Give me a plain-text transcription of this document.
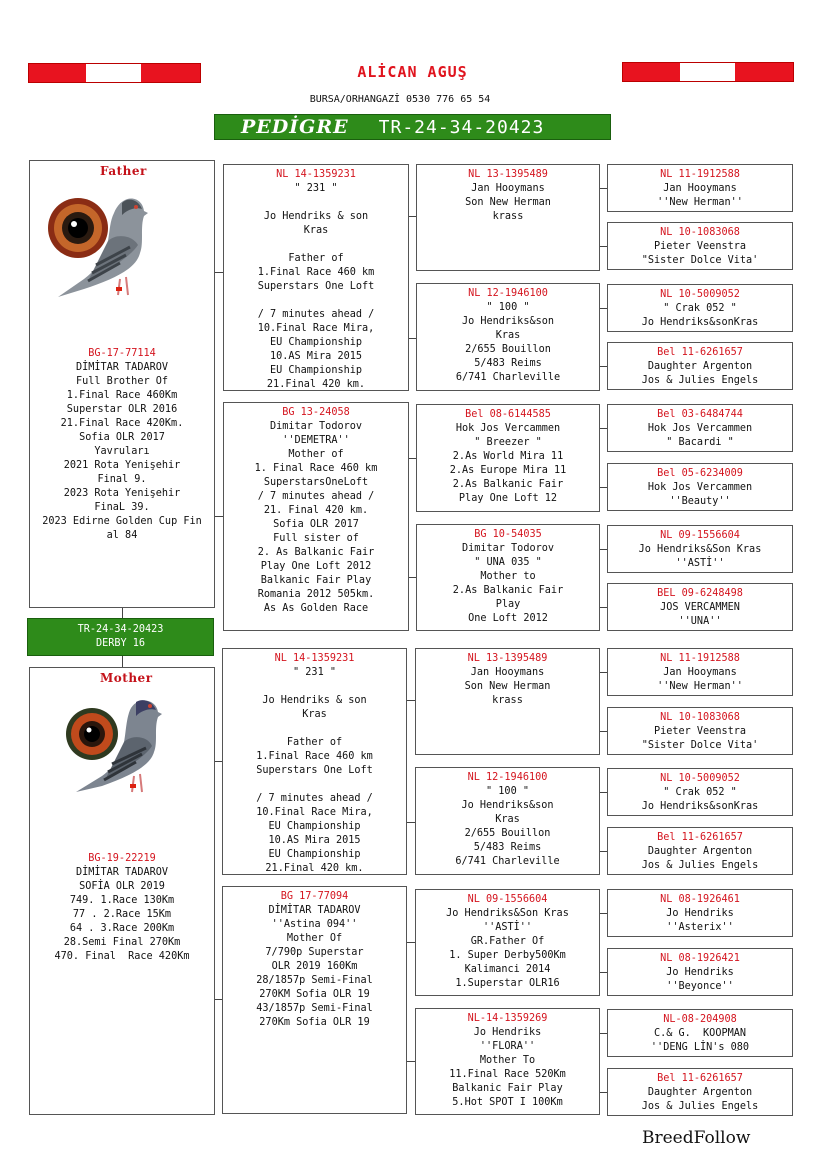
ALİCAN AGUŞ
BURSA/ORHANGAZİ 0530 776 65 54
PEDİGRE TR-24-34-20423
Father

BG-17-77114
DİMİTAR TADAROV
Full Brother Of
1.Final Race 460Km
Superstar OLR 2016
21.Final Race 420Km.
Sofia OLR 2017
Yavruları
2021 Rota Yenişehir
Final 9.
2023 Rota Yenişehir
FinaL 39.
2023 Edirne Golden Cup Fin
al 84

TR-24-34-20423
DERBY 16
Mother

BG-19-22219
DİMİTAR TADAROV
SOFİA OLR 2019
749. 1.Race 130Km
77 . 2.Race 15Km
64 . 3.Race 200Km
28.Semi Final 270Km
470. Final  Race 420Km

NL 14-1359231
" 231 "

Jo Hendriks & son
Kras

Father of
1.Final Race 460 km
Superstars One Loft

/ 7 minutes ahead /
10.Final Race Mira,
EU Championship
10.AS Mira 2015
EU Championship
21.Final 420 km.
BG 13-24058
Dimitar Todorov
''DEMETRA''
Mother of
1. Final Race 460 km
SuperstarsOneLoft
/ 7 minutes ahead /
21. Final 420 km.
Sofia OLR 2017
Full sister of
2. As Balkanic Fair
Play One Loft 2012
Balkanic Fair Play
Romania 2012 505km.
As As Golden Race
NL 14-1359231
" 231 "

Jo Hendriks & son
Kras

Father of
1.Final Race 460 km
Superstars One Loft

/ 7 minutes ahead /
10.Final Race Mira,
EU Championship
10.AS Mira 2015
EU Championship
21.Final 420 km.
BG 17-77094
DİMİTAR TADAROV
''Astina 094''
Mother Of
7/790p Superstar
OLR 2019 160Km
28/1857p Semi-Final
270KM Sofia OLR 19
43/1857p Semi-Final
270Km Sofia OLR 19
NL 13-1395489
Jan Hooymans
Son New Herman
krass
NL 12-1946100
" 100 "
Jo Hendriks&son
Kras
2/655 Bouillon
5/483 Reims
6/741 Charleville
Bel 08-6144585
Hok Jos Vercammen
" Breezer "
2.As World Mira 11
2.As Europe Mira 11
2.As Balkanic Fair
Play One Loft 12
BG 10-54035
Dimitar Todorov
" UNA 035 "
Mother to
2.As Balkanic Fair
Play
One Loft 2012
NL 13-1395489
Jan Hooymans
Son New Herman
krass
NL 12-1946100
" 100 "
Jo Hendriks&son
Kras
2/655 Bouillon
5/483 Reims
6/741 Charleville
NL 09-1556604
Jo Hendriks&Son Kras
''ASTİ''
GR.Father Of
1. Super Derby500Km
Kalimanci 2014
1.Superstar OLR16
NL-14-1359269
Jo Hendriks
''FLORA''
Mother To
11.Final Race 520Km
Balkanic Fair Play
5.Hot SPOT I 100Km
NL 11-1912588
Jan Hooymans
''New Herman''
NL 10-1083068
Pieter Veenstra
"Sister Dolce Vita'
NL 10-5009052
" Crak 052 "
Jo Hendriks&sonKras
Bel 11-6261657
Daughter Argenton
Jos & Julies Engels
Bel 03-6484744
Hok Jos Vercammen
" Bacardi "
Bel 05-6234009
Hok Jos Vercammen
''Beauty''
NL 09-1556604
Jo Hendriks&Son Kras
''ASTİ''
BEL 09-6248498
JOS VERCAMMEN
''UNA''
NL 11-1912588
Jan Hooymans
''New Herman''
NL 10-1083068
Pieter Veenstra
"Sister Dolce Vita'
NL 10-5009052
" Crak 052 "
Jo Hendriks&sonKras
Bel 11-6261657
Daughter Argenton
Jos & Julies Engels
NL 08-1926461
Jo Hendriks
''Asterix''
NL 08-1926421
Jo Hendriks
''Beyonce''
NL-08-204908
C.& G.  KOOPMAN
''DENG LİN's 080
Bel 11-6261657
Daughter Argenton
Jos & Julies Engels
BreedFollow
